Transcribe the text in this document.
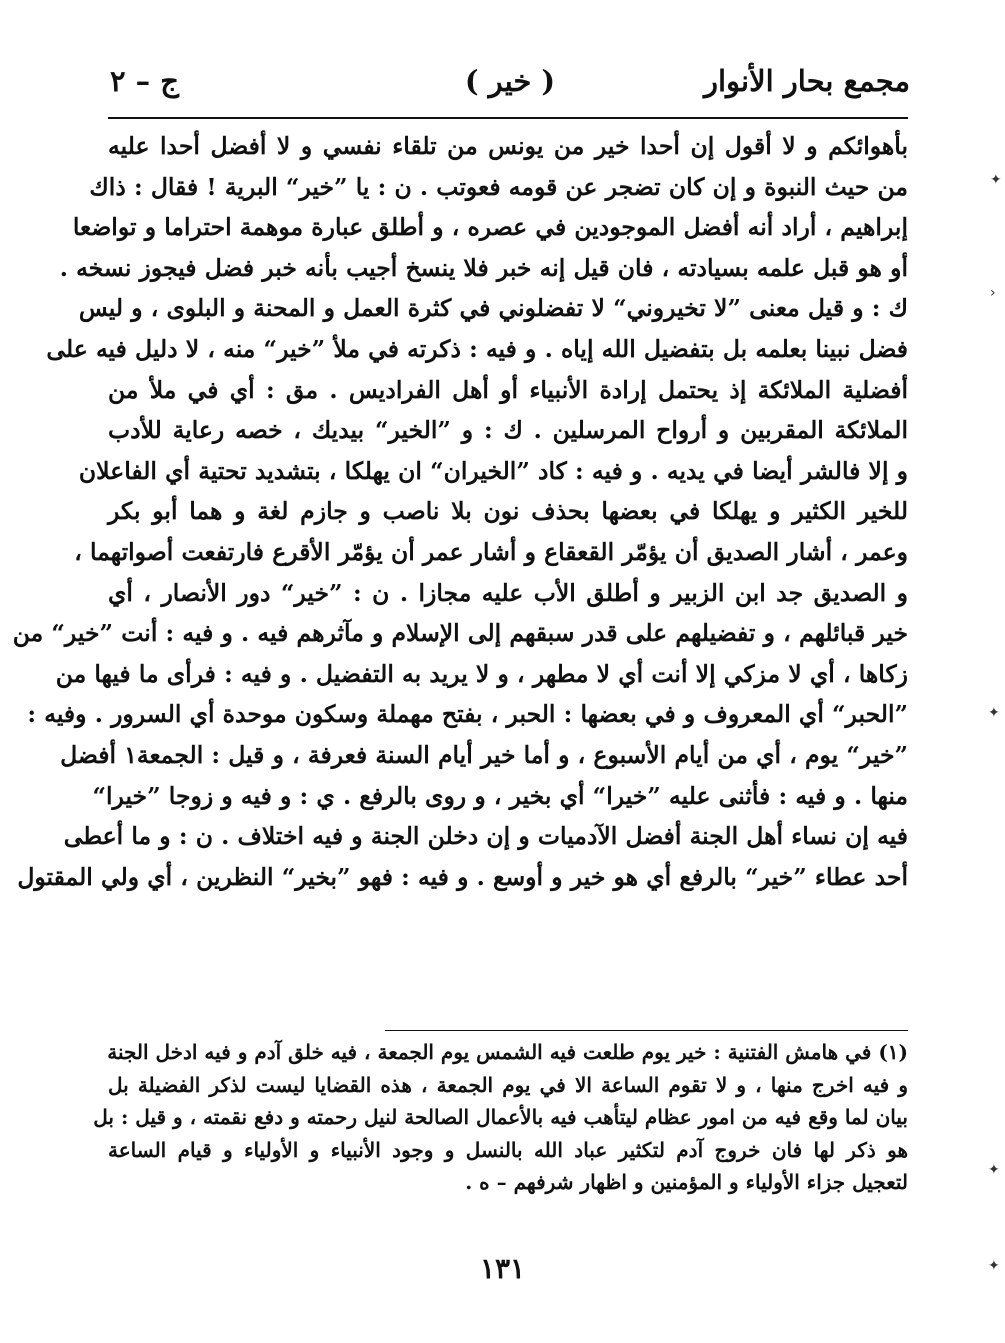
مجمع بحار الأنوار
( خير )
ج – ٢
بأهوائكم و لا أقول إن أحدا خير من يونس من تلقاء نفسي و لا أفضل أحدا عليه
من حيث النبوة و إن كان تضجر عن قومه فعوتب . ن : يا ”خير“ البرية ! فقال : ذاك
إبراهيم ، أراد أنه أفضل الموجودين في عصره ، و أطلق عبارة موهمة احتراما و تواضعا
أو هو قبل علمه بسيادته ، فان قيل إنه خبر فلا ينسخ أجيب بأنه خبر فضل فيجوز نسخه .
ك : و قيل معنى ”لا تخيروني“ لا تفضلوني في كثرة العمل و المحنة و البلوى ، و ليس
فضل نبينا بعلمه بل بتفضيل الله إياه . و فيه : ذكرته في ملأ ”خير“ منه ، لا دليل فيه على
أفضلية الملائكة إذ يحتمل إرادة الأنبياء أو أهل الفراديس . مق : أي في ملأ من
الملائكة المقربين و أرواح المرسلين . ك : و ”الخير“ بيديك ، خصه رعاية للأدب
و إلا فالشر أيضا في يديه . و فيه : كاد ”الخيران“ ان يهلكا ، بتشديد تحتية أي الفاعلان
للخير الكثير و يهلكا في بعضها بحذف نون بلا ناصب و جازم لغة و هما أبو بكر
وعمر ، أشار الصديق أن يؤمّر القعقاع و أشار عمر أن يؤمّر الأقرع فارتفعت أصواتهما ،
و الصديق جد ابن الزبير و أطلق الأب عليه مجازا . ن : ”خير“ دور الأنصار ، أي
خير قبائلهم ، و تفضيلهم على قدر سبقهم إلى الإسلام و مآثرهم فيه . و فيه : أنت ”خير“ من
زكاها ، أي لا مزكي إلا أنت أي لا مطهر ، و لا يريد به التفضيل . و فيه : فرأى ما فيها من
”الحبر“ أي المعروف و في بعضها : الحبر ، بفتح مهملة وسكون موحدة أي السرور . وفيه :
”خير“ يوم ، أي من أيام الأسبوع ، و أما خير أيام السنة فعرفة ، و قيل : الجمعة١ أفضل
منها . و فيه : فأثنى عليه ”خيرا“ أي بخير ، و روى بالرفع . ي : و فيه و زوجا ”خيرا“
فيه إن نساء أهل الجنة أفضل الآدميات و إن دخلن الجنة و فيه اختلاف . ن : و ما أعطى
أحد عطاء ”خير“ بالرفع أي هو خير و أوسع . و فيه : فهو ”بخير“ النظرين ، أي ولي المقتول
(١) في هامش الفتنية : خير يوم طلعت فيه الشمس يوم الجمعة ، فيه خلق آدم و فيه ادخل الجنة
و فيه اخرج منها ، و لا تقوم الساعة الا في يوم الجمعة ، هذه القضايا ليست لذكر الفضيلة بل
بيان لما وقع فيه من امور عظام ليتأهب فيه بالأعمال الصالحة لنيل رحمته و دفع نقمته ، و قيل : بل
هو ذكر لها فان خروج آدم لتكثير عباد الله بالنسل و وجود الأنبياء و الأولياء و قيام الساعة
لتعجيل جزاء الأولياء و المؤمنين و اظهار شرفهم – ه .
١٣١
✦
›
✦
✦
✦
